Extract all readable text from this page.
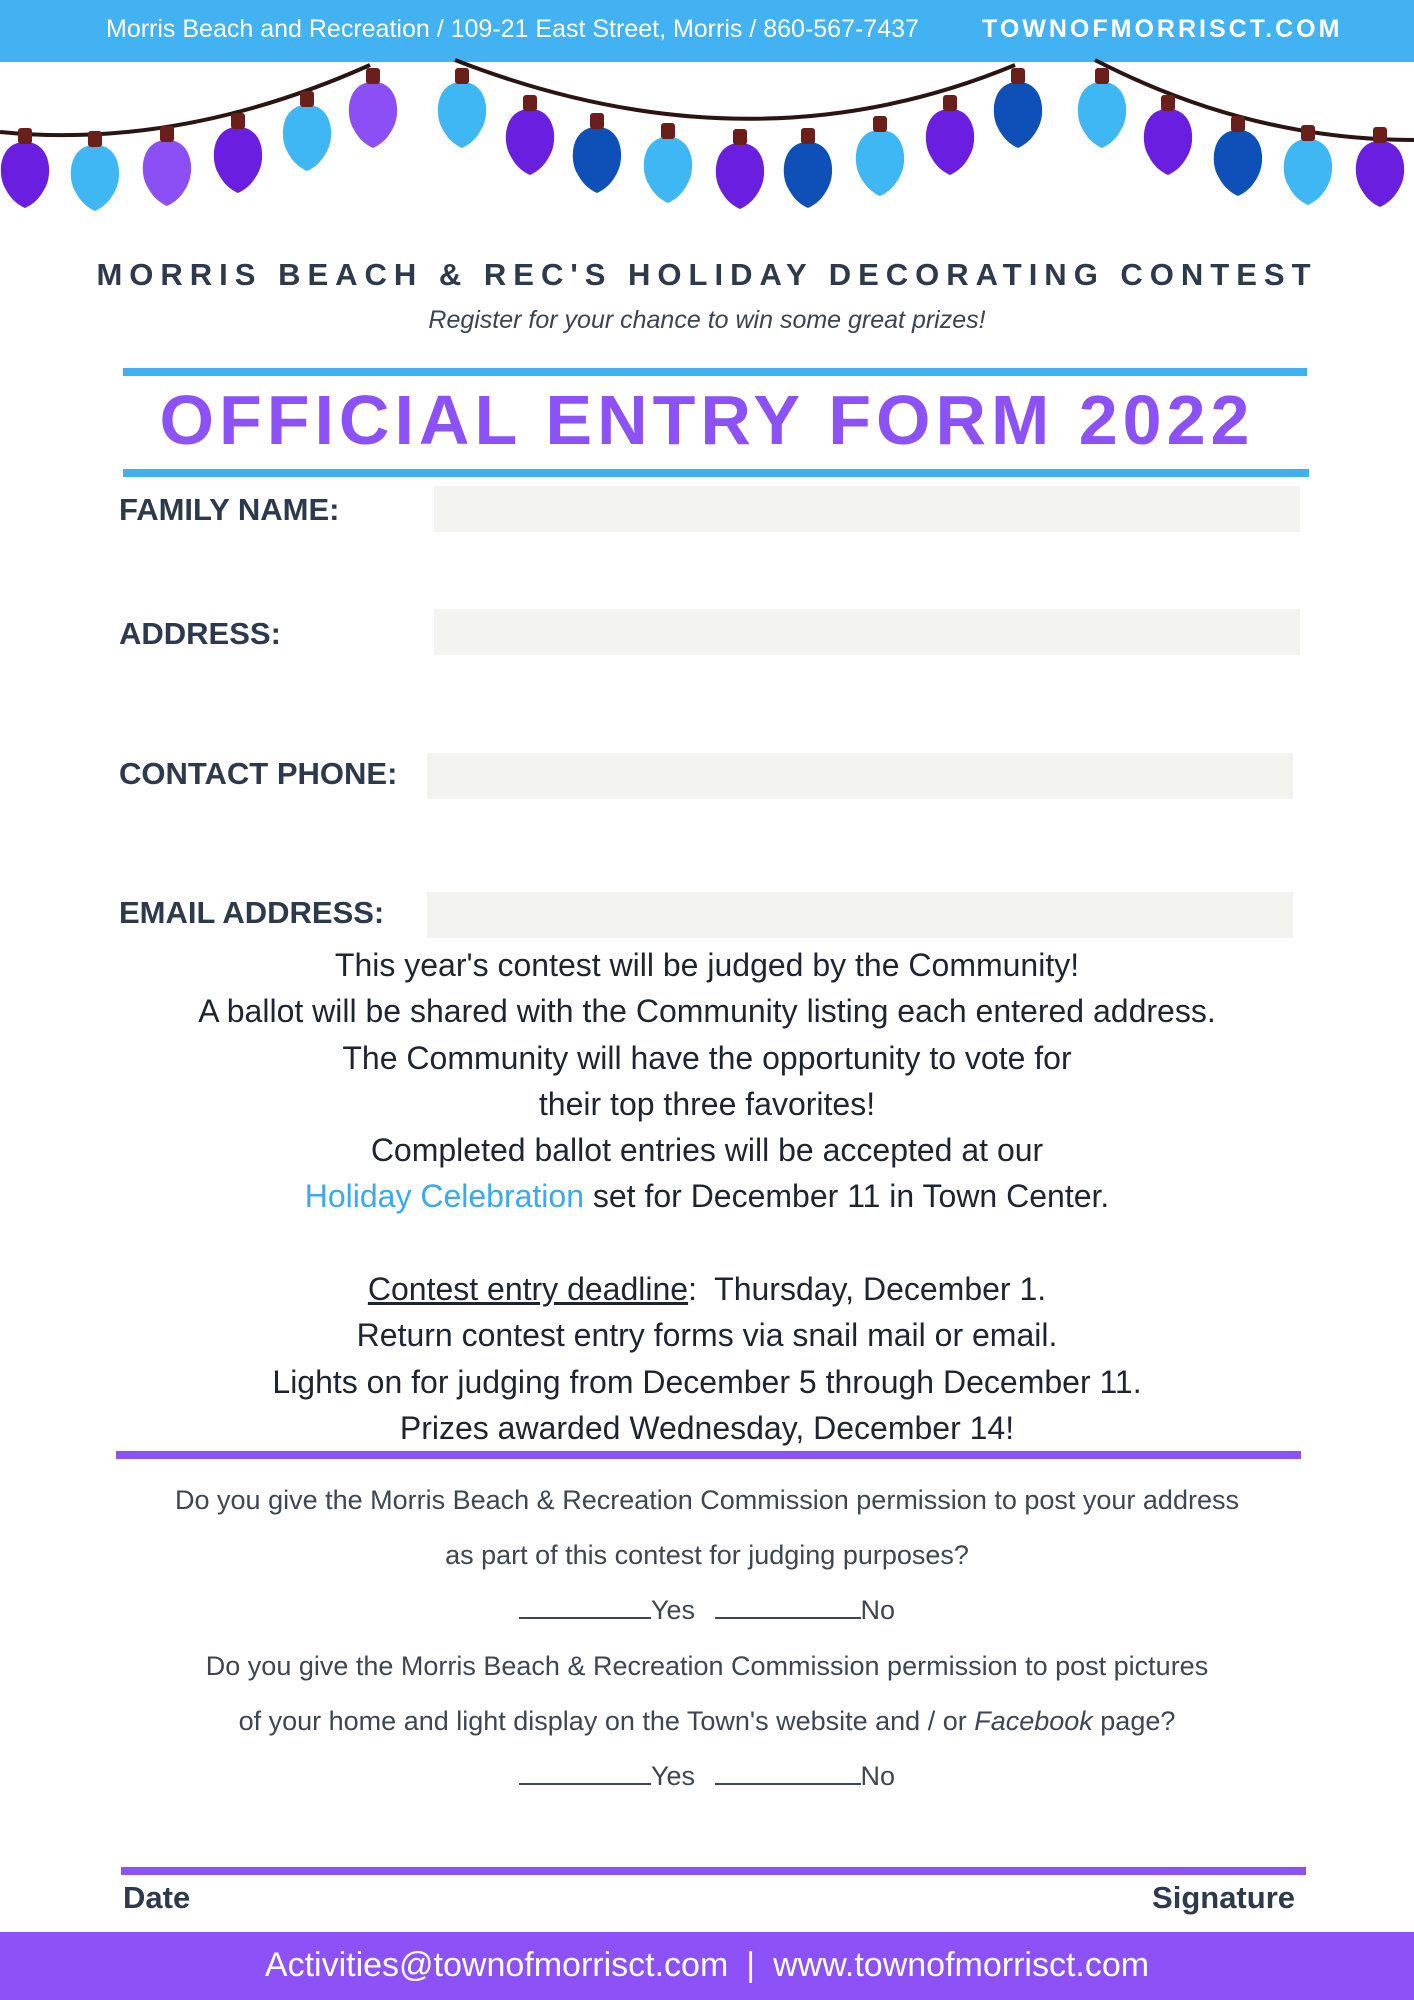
Morris Beach and Recreation / 109-21 East Street, Morris / 860-567-7437	TOWNOFMORRISCT.COM
MORRIS BEACH & REC'S HOLIDAY DECORATING CONTEST
Register for your chance to win some great prizes!
OFFICIAL ENTRY FORM 2022
FAMILY NAME:
ADDRESS:
CONTACT PHONE:
EMAIL ADDRESS:
This year's contest will be judged by the Community!
A ballot will be shared with the Community listing each entered address.
The Community will have the opportunity to vote for
their top three favorites!
Completed ballot entries will be accepted at our
Holiday Celebration set for December 11 in Town Center.
Contest entry deadline:  Thursday, December 1.
Return contest entry forms via snail mail or email.
Lights on for judging from December 5 through December 11.
Prizes awarded Wednesday, December 14!
Do you give the Morris Beach & Recreation Commission permission to post your address
as part of this contest for judging purposes?
Yes	No
Do you give the Morris Beach & Recreation Commission permission to post pictures
of your home and light display on the Town's website and / or Facebook page?
Yes	No
Date	Signature
Activities@townofmorrisct.com | www.townofmorrisct.com
